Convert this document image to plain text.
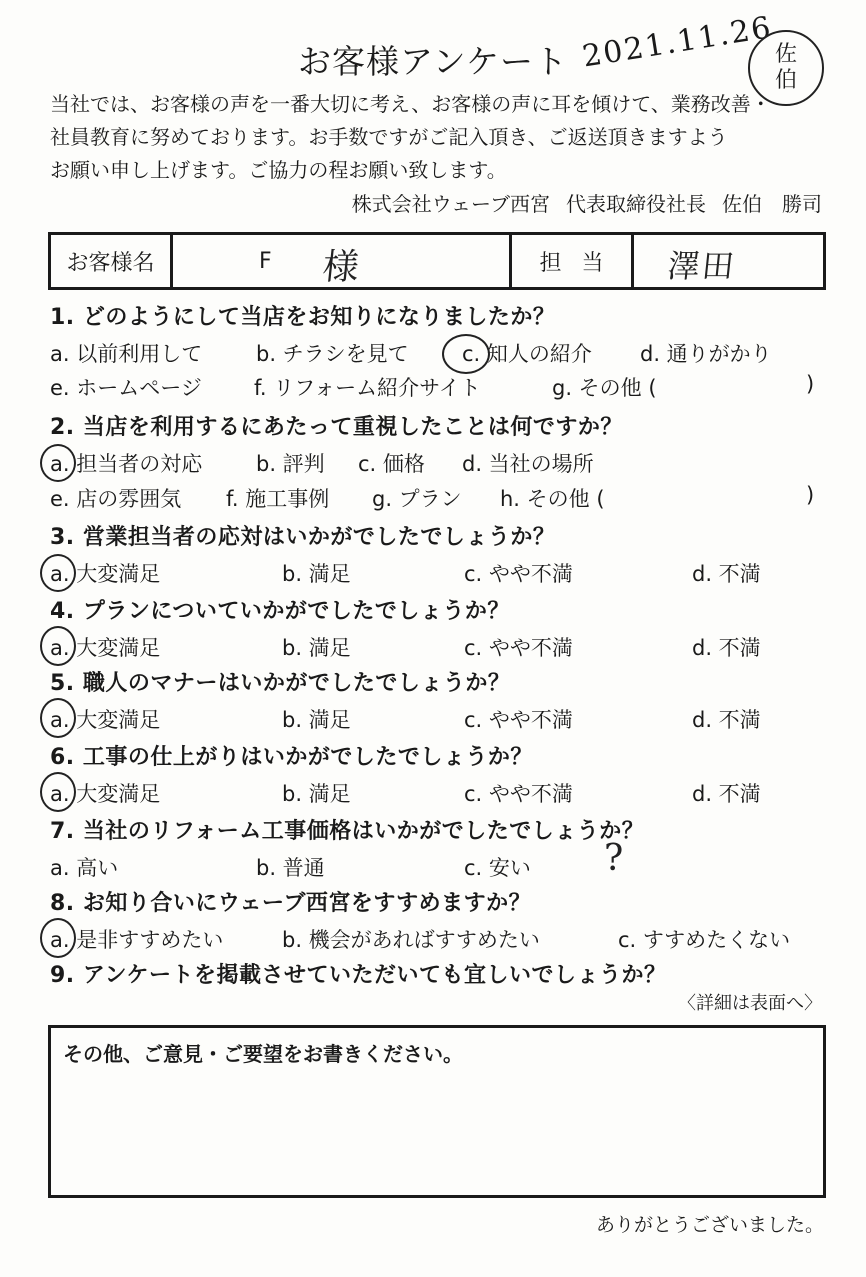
お客様アンケート 2021.11.26 佐
伯
当社では、お客様の声を一番大切に考え、お客様の声に耳を傾けて、業務改善・
社員教育に努めております。お手数ですがご記入頂き、ご返送頂きますよう
お願い申し上げます。ご協力の程お願い致します。
株式会社ウェーブ西宮 代表取締役社長 佐伯　勝司
お客様名	F 様	担当	澤田
1. どのようにして当店をお知りになりましたか？
a. 以前利用して	b. チラシを見て	c. 知人の紹介 d. 通りがかり
e. ホームページ f. リフォーム紹介サイト	g. その他 (	)
2. 当店を利用するにあたって重視したことは何ですか？
a. 担当者の対応	b. 評判 c. 価格 d. 当社の場所
e. 店の雰囲気 f. 施工事例 g. プラン h. その他 (	)
3. 営業担当者の応対はいかがでしたでしょうか？
a. 大変満足	b. 満足	c. やや不満	d. 不満
4. プランについていかがでしたでしょうか？
a. 大変満足	b. 満足	c. やや不満	d. 不満
5. 職人のマナーはいかがでしたでしょうか？
a. 大変満足	b. 満足	c. やや不満	d. 不満
6. 工事の仕上がりはいかがでしたでしょうか？
a. 大変満足	b. 満足	c. やや不満	d. 不満
7. 当社のリフォーム工事価格はいかがでしたでしょうか？
a. 高い	b. 普通	c. 安い ?
8. お知り合いにウェーブ西宮をすすめますか？
a. 是非すすめたい	b. 機会があればすすめたい	c. すすめたくない
9. アンケートを掲載させていただいても宜しいでしょうか？
〈詳細は表面へ〉
その他、ご意見・ご要望をお書きください。
ありがとうございました。
